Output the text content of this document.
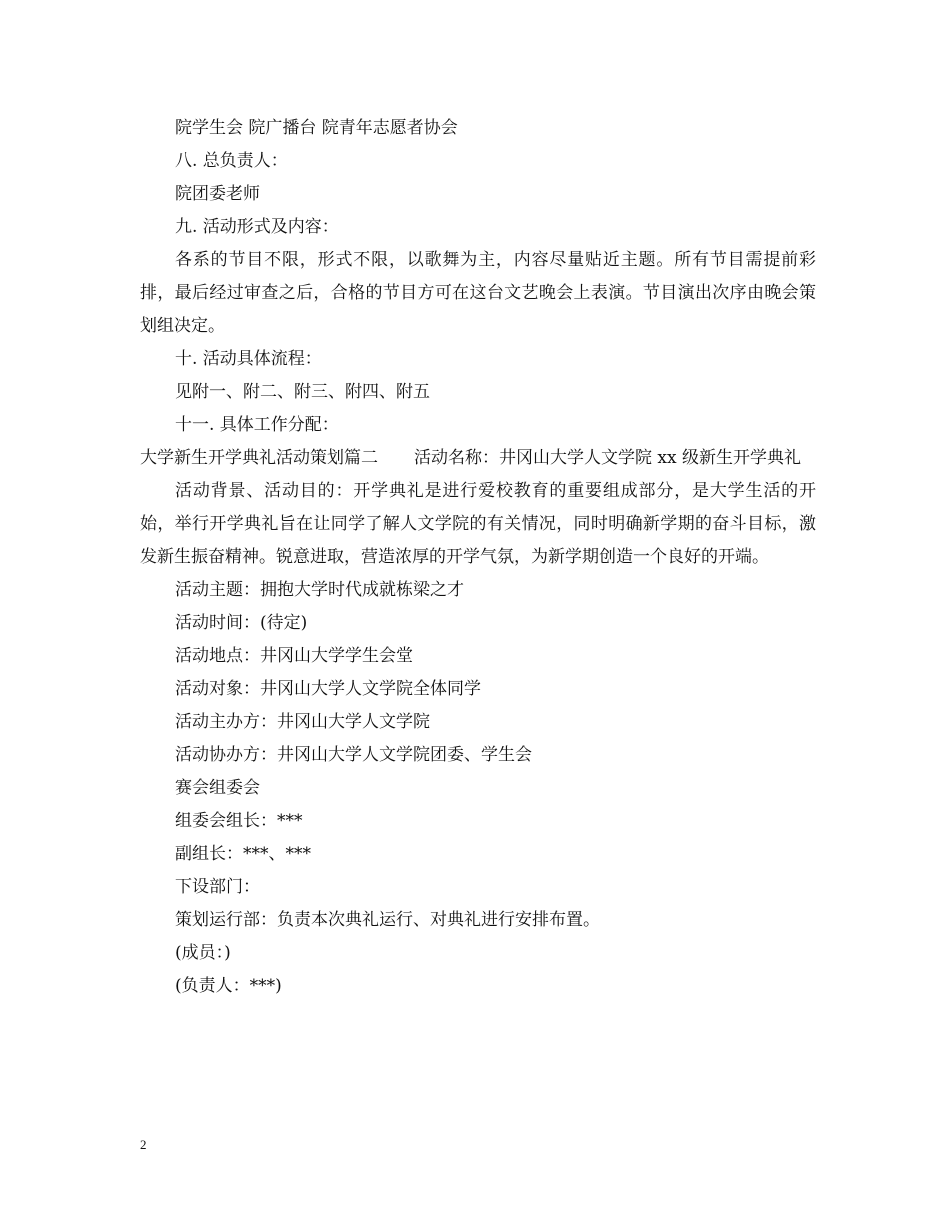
院学生会 院广播台 院青年志愿者协会
八. 总负责人：
院团委老师
九. 活动形式及内容：

各系的节目不限，形式不限，以歌舞为主，内容尽量贴近主题。所有节目需提前彩排，最后经过审查之后，合格的节目方可在这台文艺晚会上表演。节目演出次序由晚会策划组决定。

十. 活动具体流程：
见附一、附二、附三、附四、附五
十一. 具体工作分配：

大学新生开学典礼活动策划篇二 活动名称：井冈山大学人文学院 xx 级新生开学典礼

活动背景、活动目的：开学典礼是进行爱校教育的重要组成部分，是大学生活的开始，举行开学典礼旨在让同学了解人文学院的有关情况，同时明确新学期的奋斗目标，激发新生振奋精神。锐意进取，营造浓厚的开学气氛，为新学期创造一个良好的开端。

活动主题：拥抱大学时代成就栋梁之才
活动时间：(待定)
活动地点：井冈山大学学生会堂
活动对象：井冈山大学人文学院全体同学
活动主办方：井冈山大学人文学院
活动协办方：井冈山大学人文学院团委、学生会
赛会组委会
组委会组长：***
副组长：***、***
下设部门：
策划运行部：负责本次典礼运行、对典礼进行安排布置。
(成员：)
(负责人：***)
2
